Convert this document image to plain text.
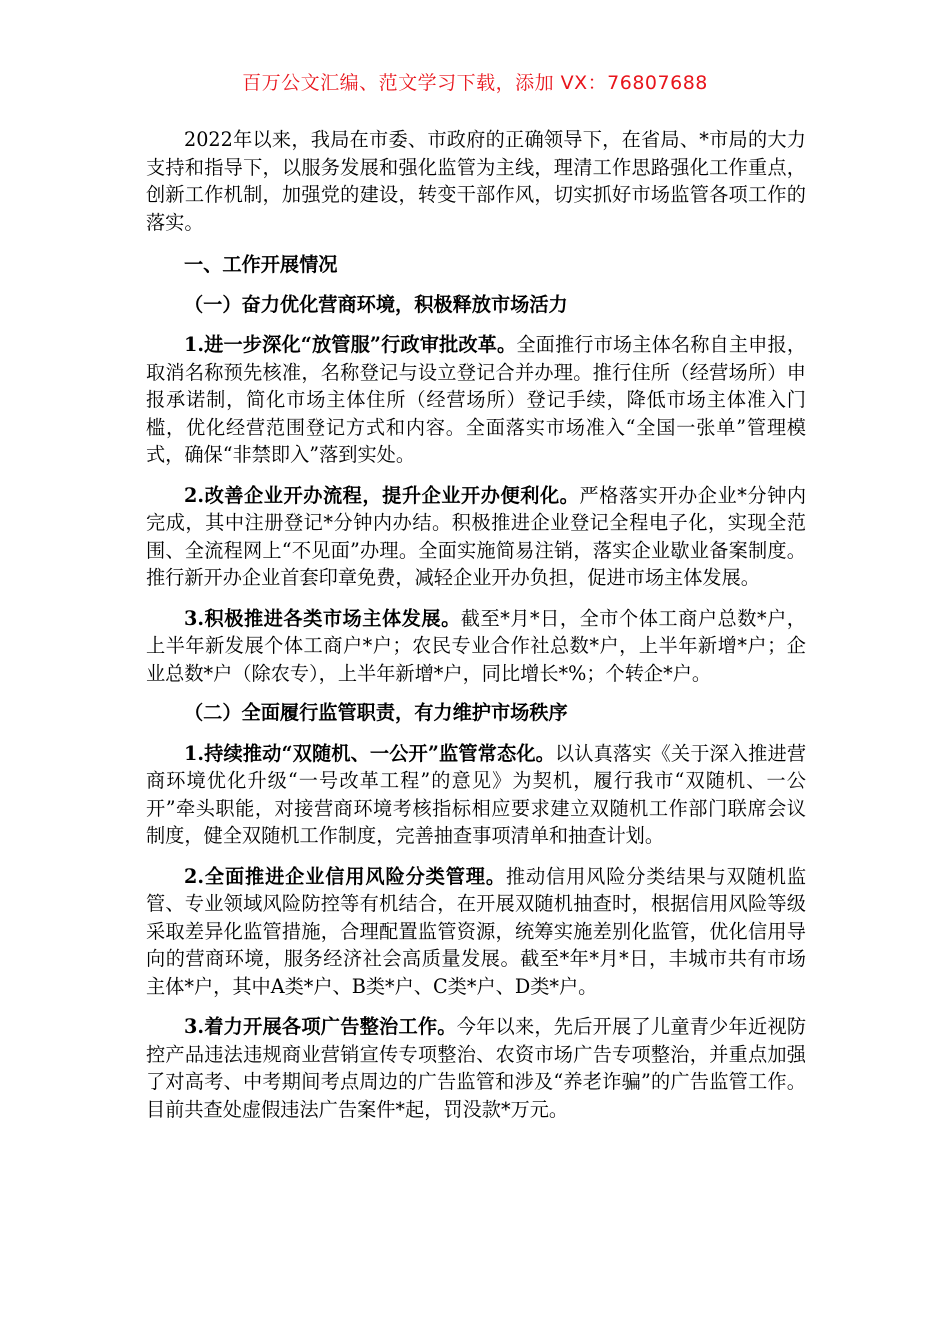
百万公文汇编、范文学习下载，添加 VX：76807688

2022年以来，我局在市委、市政府的正确领导下，在省局、*市局的大力支持和指导下，以服务发展和强化监管为主线，理清工作思路强化工作重点，创新工作机制，加强党的建设，转变干部作风，切实抓好市场监管各项工作的落实。

一、工作开展情况

（一）奋力优化营商环境，积极释放市场活力

1.进一步深化“放管服”行政审批改革。全面推行市场主体名称自主申报，取消名称预先核准，名称登记与设立登记合并办理。推行住所（经营场所）申报承诺制，简化市场主体住所（经营场所）登记手续，降低市场主体准入门槛，优化经营范围登记方式和内容。全面落实市场准入“全国一张单”管理模式，确保“非禁即入”落到实处。

2.改善企业开办流程，提升企业开办便利化。严格落实开办企业*分钟内完成，其中注册登记*分钟内办结。积极推进企业登记全程电子化，实现全范围、全流程网上“不见面”办理。全面实施简易注销，落实企业歇业备案制度。推行新开办企业首套印章免费，减轻企业开办负担，促进市场主体发展。

3.积极推进各类市场主体发展。截至*月*日，全市个体工商户总数*户，上半年新发展个体工商户*户；农民专业合作社总数*户，上半年新增*户；企业总数*户（除农专），上半年新增*户，同比增长*%；个转企*户。

（二）全面履行监管职责，有力维护市场秩序

1.持续推动“双随机、一公开”监管常态化。以认真落实《关于深入推进营商环境优化升级“一号改革工程”的意见》为契机，履行我市“双随机、一公开”牵头职能，对接营商环境考核指标相应要求建立双随机工作部门联席会议制度，健全双随机工作制度，完善抽查事项清单和抽查计划。

2.全面推进企业信用风险分类管理。推动信用风险分类结果与双随机监管、专业领域风险防控等有机结合，在开展双随机抽查时，根据信用风险等级采取差异化监管措施，合理配置监管资源，统筹实施差别化监管，优化信用导向的营商环境，服务经济社会高质量发展。截至*年*月*日，丰城市共有市场主体*户，其中A类*户、B类*户、C类*户、D类*户。

3.着力开展各项广告整治工作。今年以来，先后开展了儿童青少年近视防控产品违法违规商业营销宣传专项整治、农资市场广告专项整治，并重点加强了对高考、中考期间考点周边的广告监管和涉及“养老诈骗”的广告监管工作。目前共查处虚假违法广告案件*起，罚没款*万元。
